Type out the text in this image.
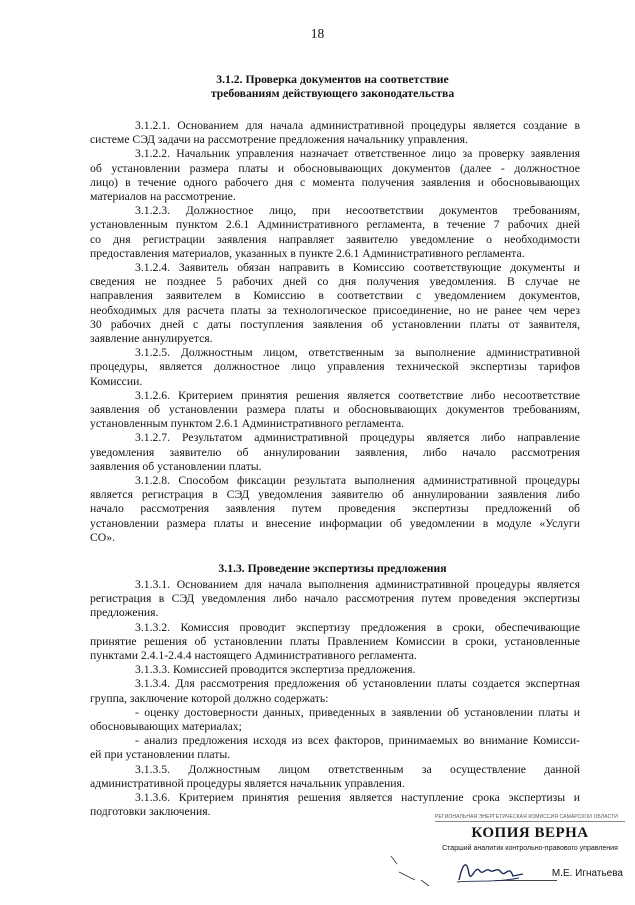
18
3.1.2. Проверка документов на соответствие
требованиям действующего законодательства
3.1.2.1. Основанием для начала административной процедуры является создание в
системе СЭД задачи на рассмотрение предложения начальнику управления.
3.1.2.2. Начальник управления назначает ответственное лицо за проверку заявления
об установлении размера платы и обосновывающих документов (далее - должностное
лицо) в течение одного рабочего дня с момента получения заявления и обосновывающих
материалов на рассмотрение.
3.1.2.3. Должностное лицо, при несоответствии документов требованиям,
установленным пунктом 2.6.1 Административного регламента, в течение 7 рабочих дней
со дня регистрации заявления направляет заявителю уведомление о необходимости
предоставления материалов, указанных в пункте 2.6.1 Административного регламента.
3.1.2.4. Заявитель обязан направить в Комиссию соответствующие документы и
сведения не позднее 5 рабочих дней со дня получения уведомления. В случае не
направления заявителем в Комиссию в соответствии с уведомлением документов,
необходимых для расчета платы за технологическое присоединение, но не ранее чем через
30 рабочих дней с даты поступления заявления об установлении платы от заявителя,
заявление аннулируется.
3.1.2.5. Должностным лицом, ответственным за выполнение административной
процедуры, является должностное лицо управления технической экспертизы тарифов
Комиссии.
3.1.2.6. Критерием принятия решения является соответствие либо несоответствие
заявления об установлении размера платы и обосновывающих документов требованиям,
установленным пунктом 2.6.1 Административного регламента.
3.1.2.7. Результатом административной процедуры является либо направление
уведомления заявителю об аннулировании заявления, либо начало рассмотрения
заявления об установлении платы.
3.1.2.8. Способом фиксации результата выполнения административной процедуры
является регистрация в СЭД уведомления заявителю об аннулировании заявления либо
начало рассмотрения заявления путем проведения экспертизы предложений об
установлении размера платы и внесение информации об уведомлении в модуле «Услуги
СО».
3.1.3.1. Основанием для начала выполнения административной процедуры является
регистрация в СЭД уведомления либо начало рассмотрения путем проведения экспертизы
предложения.
3.1.3.2. Комиссия проводит экспертизу предложения в сроки, обеспечивающие
принятие решения об установлении платы Правлением Комиссии в сроки, установленные
пунктами 2.4.1-2.4.4 настоящего Административного регламента.
3.1.3.3. Комиссией проводится экспертиза предложения.
3.1.3.4. Для рассмотрения предложения об установлении платы создается экспертная
группа, заключение которой должно содержать:
- оценку достоверности данных, приведенных в заявлении об установлении платы и
обосновывающих материалах;
- анализ предложения исходя из всех факторов, принимаемых во внимание Комисси-
ей при установлении платы.
3.1.3.5. Должностным лицом ответственным за осуществление данной
административной процедуры является начальник управления.
3.1.3.6. Критерием принятия решения является наступление срока экспертизы и
подготовки заключения.
3.1.3. Проведение экспертизы предложения
РЕГИОНАЛЬНАЯ ЭНЕРГЕТИЧЕСКАЯ КОМИССИЯ САМАРСКОЙ ОБЛАСТИ
КОПИЯ ВЕРНА
Старший аналитик контрольно-правового управления
М.Е. Игнатьева
